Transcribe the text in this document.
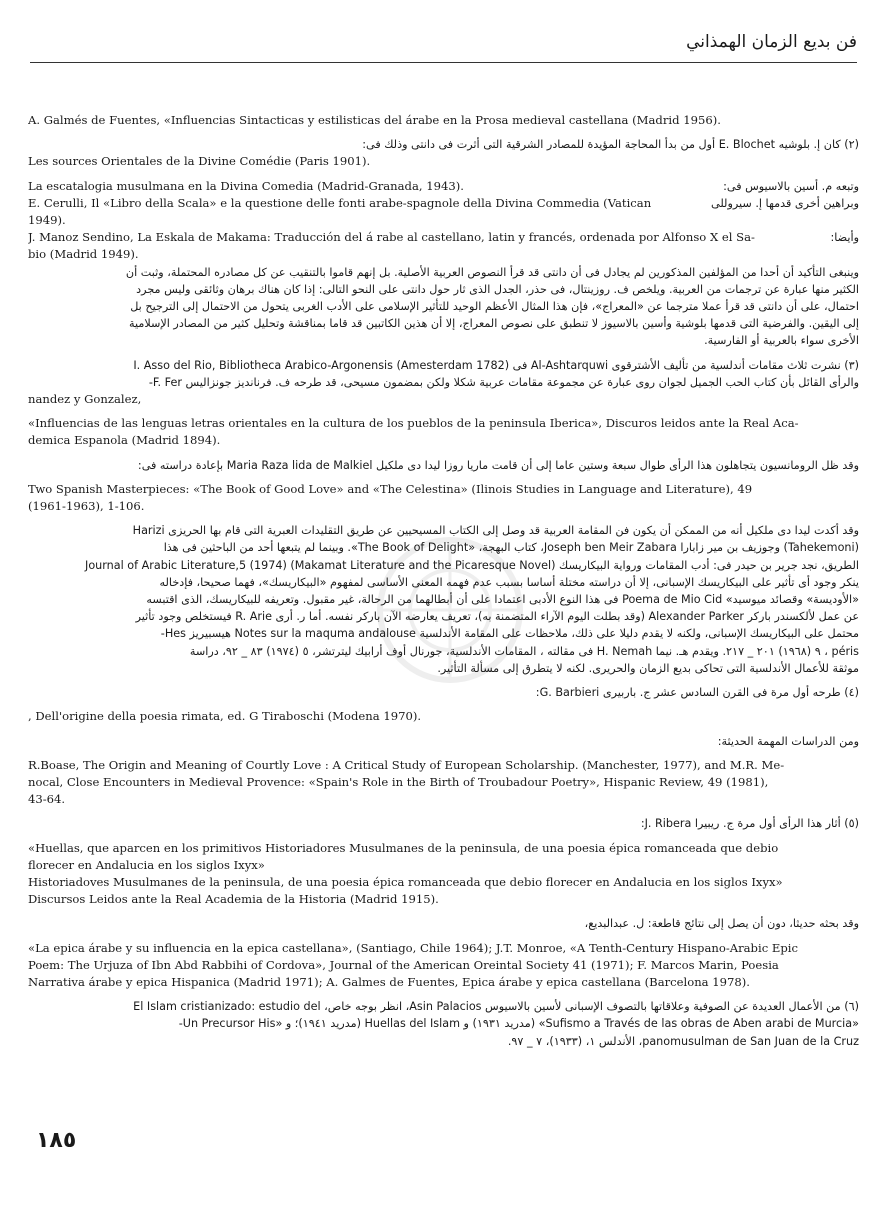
فن بديع الزمان الهمذاني
A. Galmés de Fuentes, «Influencias Sintacticas y estilisticas del árabe en la Prosa medieval castellana (Madrid 1956).
(٢) كان إ. بلوشيه E. Blochet أول من بدأ المحاجة المؤيدة للمصادر الشرقية التى أثرت فى دانتى وذلك فى:
Les sources Orientales de la Divine Comédie (Paris 1901).
La escatalogia musulmana en la Divina Comedia (Madrid-Granada, 1943).	وتبعه م. أسين بالاسيوس فى:
E. Cerulli, Il «Libro della Scala» e la questione delle fonti arabe-spagnole della Divina Commedia (Vatican	وبراهين أخرى قدمها إ. سيروللى
1949).
J. Manoz Sendino, La Eskala de Makama: Traducción del á rabe al castellano, latin y francés, ordenada por Alfonso X el Sa-	وأيضا:
bio (Madrid 1949).
وينبغى التأكيد أن أحدا من المؤلفين المذكورين لم يجادل فى أن دانتى قد قرأ النصوص العربية الأصلية. بل إنهم قاموا بالتنقيب عن كل مصادره المحتملة، وثبت أن
الكثير منها عبارة عن ترجمات من العربية. ويلخص ف. روزينتال، فى حذر، الجدل الذى ثار حول دانتى على النحو التالى: إذا كان هناك برهان وثائقى وليس مجرد
احتمال، على أن دانتى قد قرأ عملا مترجما عن «المعراج»، فإن هذا المثال الأعظم الوحيد للتأثير الإسلامى على الأدب الغربى يتحول من الاحتمال إلى الترجيح بل
إلى اليقين. والفرضية التى قدمها بلوشية وأسين بالاسيوز لا تنطبق على نصوص المعراج، إلا أن هذين الكاتبين قد قاما بمناقشة وتحليل كثير من المصادر الإسلامية
الأخرى سواء بالعربية أو الفارسية.
(٣) نشرت ثلاث مقامات أندلسية من تأليف الأشترقوى Al-Ashtarquwi فى (Amesterdam 1782) I. Asso del Rio, Bibliotheca Arabico-Argonensis
والرأى القائل بأن كتاب الحب الجميل لجوان روى عبارة عن مجموعة مقامات عربية شكلا ولكن بمضمون مسيحى، قد طرحه ف. فرنانديز جونزاليس F. Fer-
nandez y Gonzalez,
«Influencias de las lenguas letras orientales en la cultura de los pueblos de la peninsula Iberica», Discuros leidos ante la Real Aca-
demica Espanola (Madrid 1894).
وقد ظل الرومانسيون يتجاهلون هذا الرأى طوال سبعة وستين عاما إلى أن قامت ماريا روزا ليدا دى ملكيل Maria Raza lida de Malkiel بإعادة دراسته فى:
Two Spanish Masterpieces: «The Book of Good Love» and «The Celestina» (Ilinois Studies in Language and Literature), 49
(1961-1963), 1-106.
وقد أكدت ليدا دى ملكيل أنه من الممكن أن يكون فن المقامة العربية قد وصل إلى الكتاب المسيحيين عن طريق التقليدات العبرية التى قام بها الحريزى Harizi
(Tahekemoni) وجوزيف بن مير زابارا Joseph ben Meir Zabara، كتاب البهجة، «The Book of Delight». وبينما لم يتبعها أحد من الباحثين فى هذا
الطريق، نجد جرير بن حيدر فى: أدب المقامات ورواية البيكاريسك (Makamat Literature and the Picaresque Novel) Journal of Arabic Literature,5 (1974)
ينكر وجود أى تأثير على البيكاريسك الإسبانى، إلا أن دراسته مختلة أساسا بسبب عدم فهمه المعنى الأساسى لمفهوم «البيكاريسك»، فهما صحيحا، فإدخاله
«الأوديسة» وقصائد ميوسيد» Poema de Mio Cid فى هذا النوع الأدبى اعتمادا على أن أبطالهما من الرحالة، غير مقبول. وتعريفه للبيكاريسك، الذى اقتبسه
عن عمل لألكسندر باركر Alexander Parker (وقد بطلت اليوم الآراء المتضمنة به)، تعريف يعارضه الآن باركر نفسه. أما ر. أرى R. Arie فيستخلص وجود تأثير
محتمل على البيكاريسك الإسبانى، ولكنه لا يقدم دليلا على ذلك، ملاحظات على المقامة الأندلسية Notes sur la maquma andalouse هيسبيريز Hes-
péris ، ٩ (١٩٦٨) ٢٠١ _ ٢١٧. ويقدم هـ. نيما H. Nemah فى مقالته ، المقامات الأندلسية، جورنال أوف أرابيك ليترتشر، ٥ (١٩٧٤) ٨٣ _ ٩٢، دراسة
موثقة للأعمال الأندلسية التى تحاكى بديع الزمان والحريرى. لكنه لا يتطرق إلى مسألة التأثير.
(٤) طرحه أول مرة فى القرن السادس عشر ج. باربيرى G. Barbieri:
, Dell'origine della poesia rimata, ed. G Tiraboschi (Modena 1970).
ومن الدراسات المهمة الحديثة:
R.Boase, The Origin and Meaning of Courtly Love : A Critical Study of European Scholarship. (Manchester, 1977), and M.R. Me-
nocal, Close Encounters in Medieval Provence: «Spain's Role in the Birth of Troubadour Poetry», Hispanic Review, 49 (1981),
43-64.
(٥) أثار هذا الرأى أول مرة ج. ريبيرا J. Ribera:
«Huellas, que aparcen en los primitivos Historiadores Musulmanes de la peninsula, de una poesia épica romanceada que debio
florecer en Andalucia en los siglos Ixyx»
Historiadoves Musulmanes de la peninsula, de una poesia épica romanceada que debio florecer en Andalucia en los siglos Ixyx»
Discursos Leidos ante la Real Academia de la Historia (Madrid 1915).
وقد بحثه حديثا، دون أن يصل إلى نتائج قاطعة: ل. عبدالبديع،
«La epica árabe y su influencia en la epica castellana», (Santiago, Chile 1964); J.T. Monroe, «A Tenth-Century Hispano-Arabic Epic
Poem: The Urjuza of Ibn Abd Rabbihi of Cordova», Journal of the American Oreintal Society 41 (1971); F. Marcos Marin, Poesia
Narrativa árabe y epica Hispanica (Madrid 1971); A. Galmes de Fuentes, Epica árabe y epica castellana (Barcelona 1978).
(٦) من الأعمال العديدة عن الصوفية وعلاقاتها بالتصوف الإسبانى لأسين بالاسيوس Asin Palacios، انظر بوجه خاص، El Islam cristianizado: estudio del
«Sufismo a Través de las obras de Aben arabi de Murcia» (مدريد ١٩٣١) و Huellas del Islam (مدريد ١٩٤١)؛ و «Un Precursor His-
panomusulman de San Juan de la Cruz، الأندلس ١، (١٩٣٣)، ٧ _ ٩٧.
١٨٥
